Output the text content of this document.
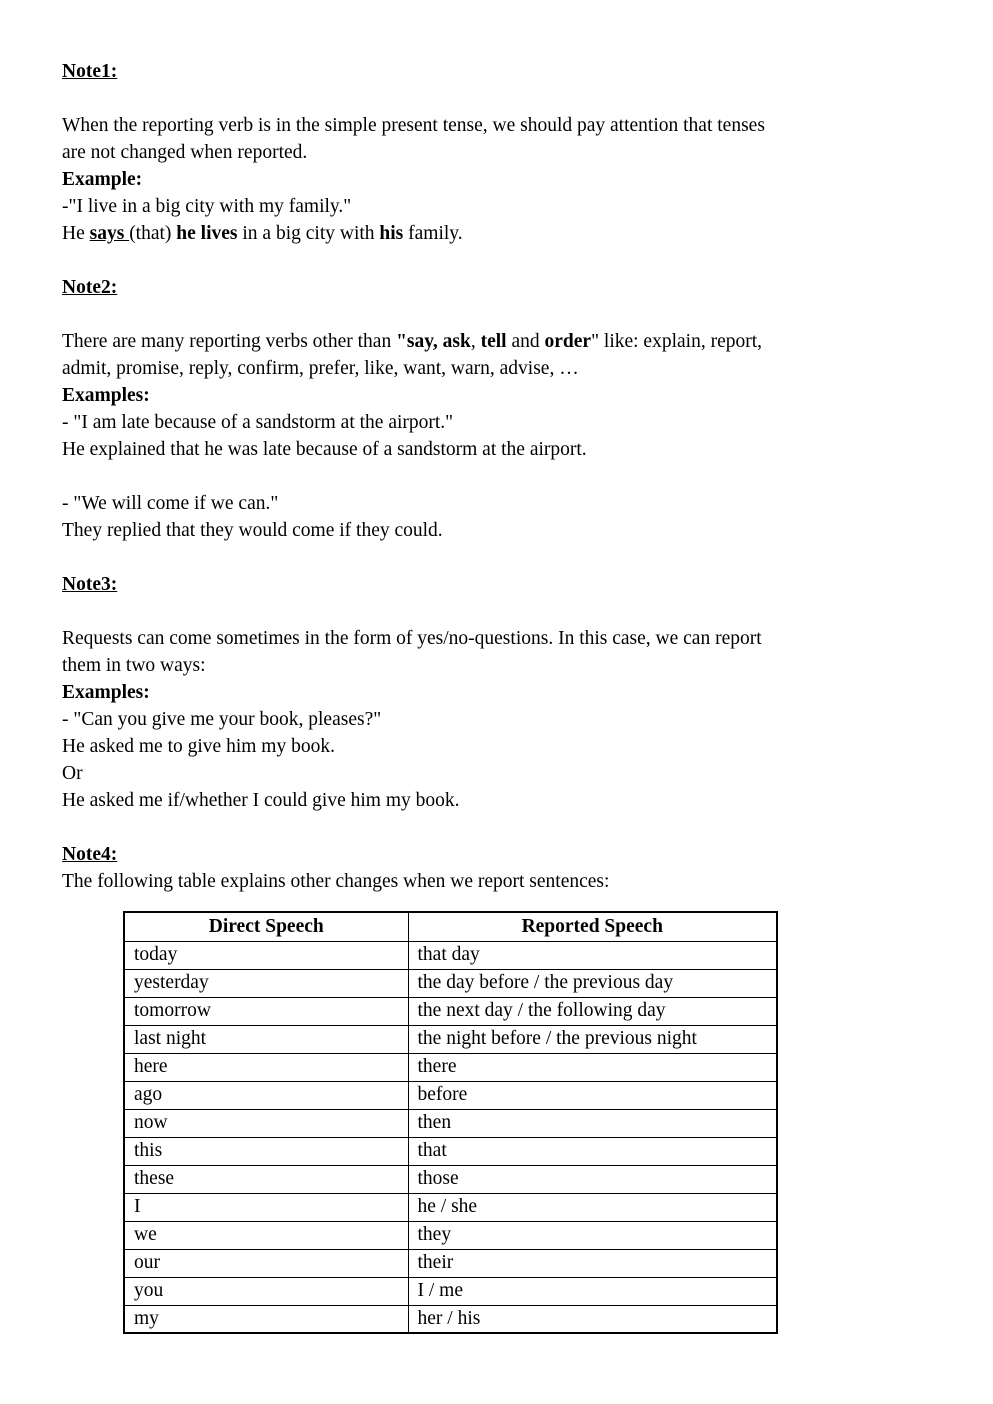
Note1:
When the reporting verb is in the simple present tense, we should pay attention that tenses
are not changed when reported.
Example:
-"I live in a big city with my family."
He says (that) he lives in a big city with his family.
Note2:
There are many reporting verbs other than "say, ask, tell and order" like: explain, report,
admit, promise, reply, confirm, prefer, like, want, warn, advise, …
Examples:
- "I am late because of a sandstorm at the airport."
He explained that he was late because of a sandstorm at the airport.
- "We will come if we can."
They replied that they would come if they could.
Note3:
Requests can come sometimes in the form of yes/no-questions. In this case, we can report
them in two ways:
Examples:
- "Can you give me your book, pleases?"
He asked me to give him my book.
Or
He asked me if/whether I could give him my book.
Note4:
The following table explains other changes when we report sentences:
Direct Speech	Reported Speech
today	that day
yesterday	the day before / the previous day
tomorrow	the next day / the following day
last night	the night before / the previous night
here	there
ago	before
now	then
this	that
these	those
I	he / she
we	they
our	their
you	I / me
my	her / his
